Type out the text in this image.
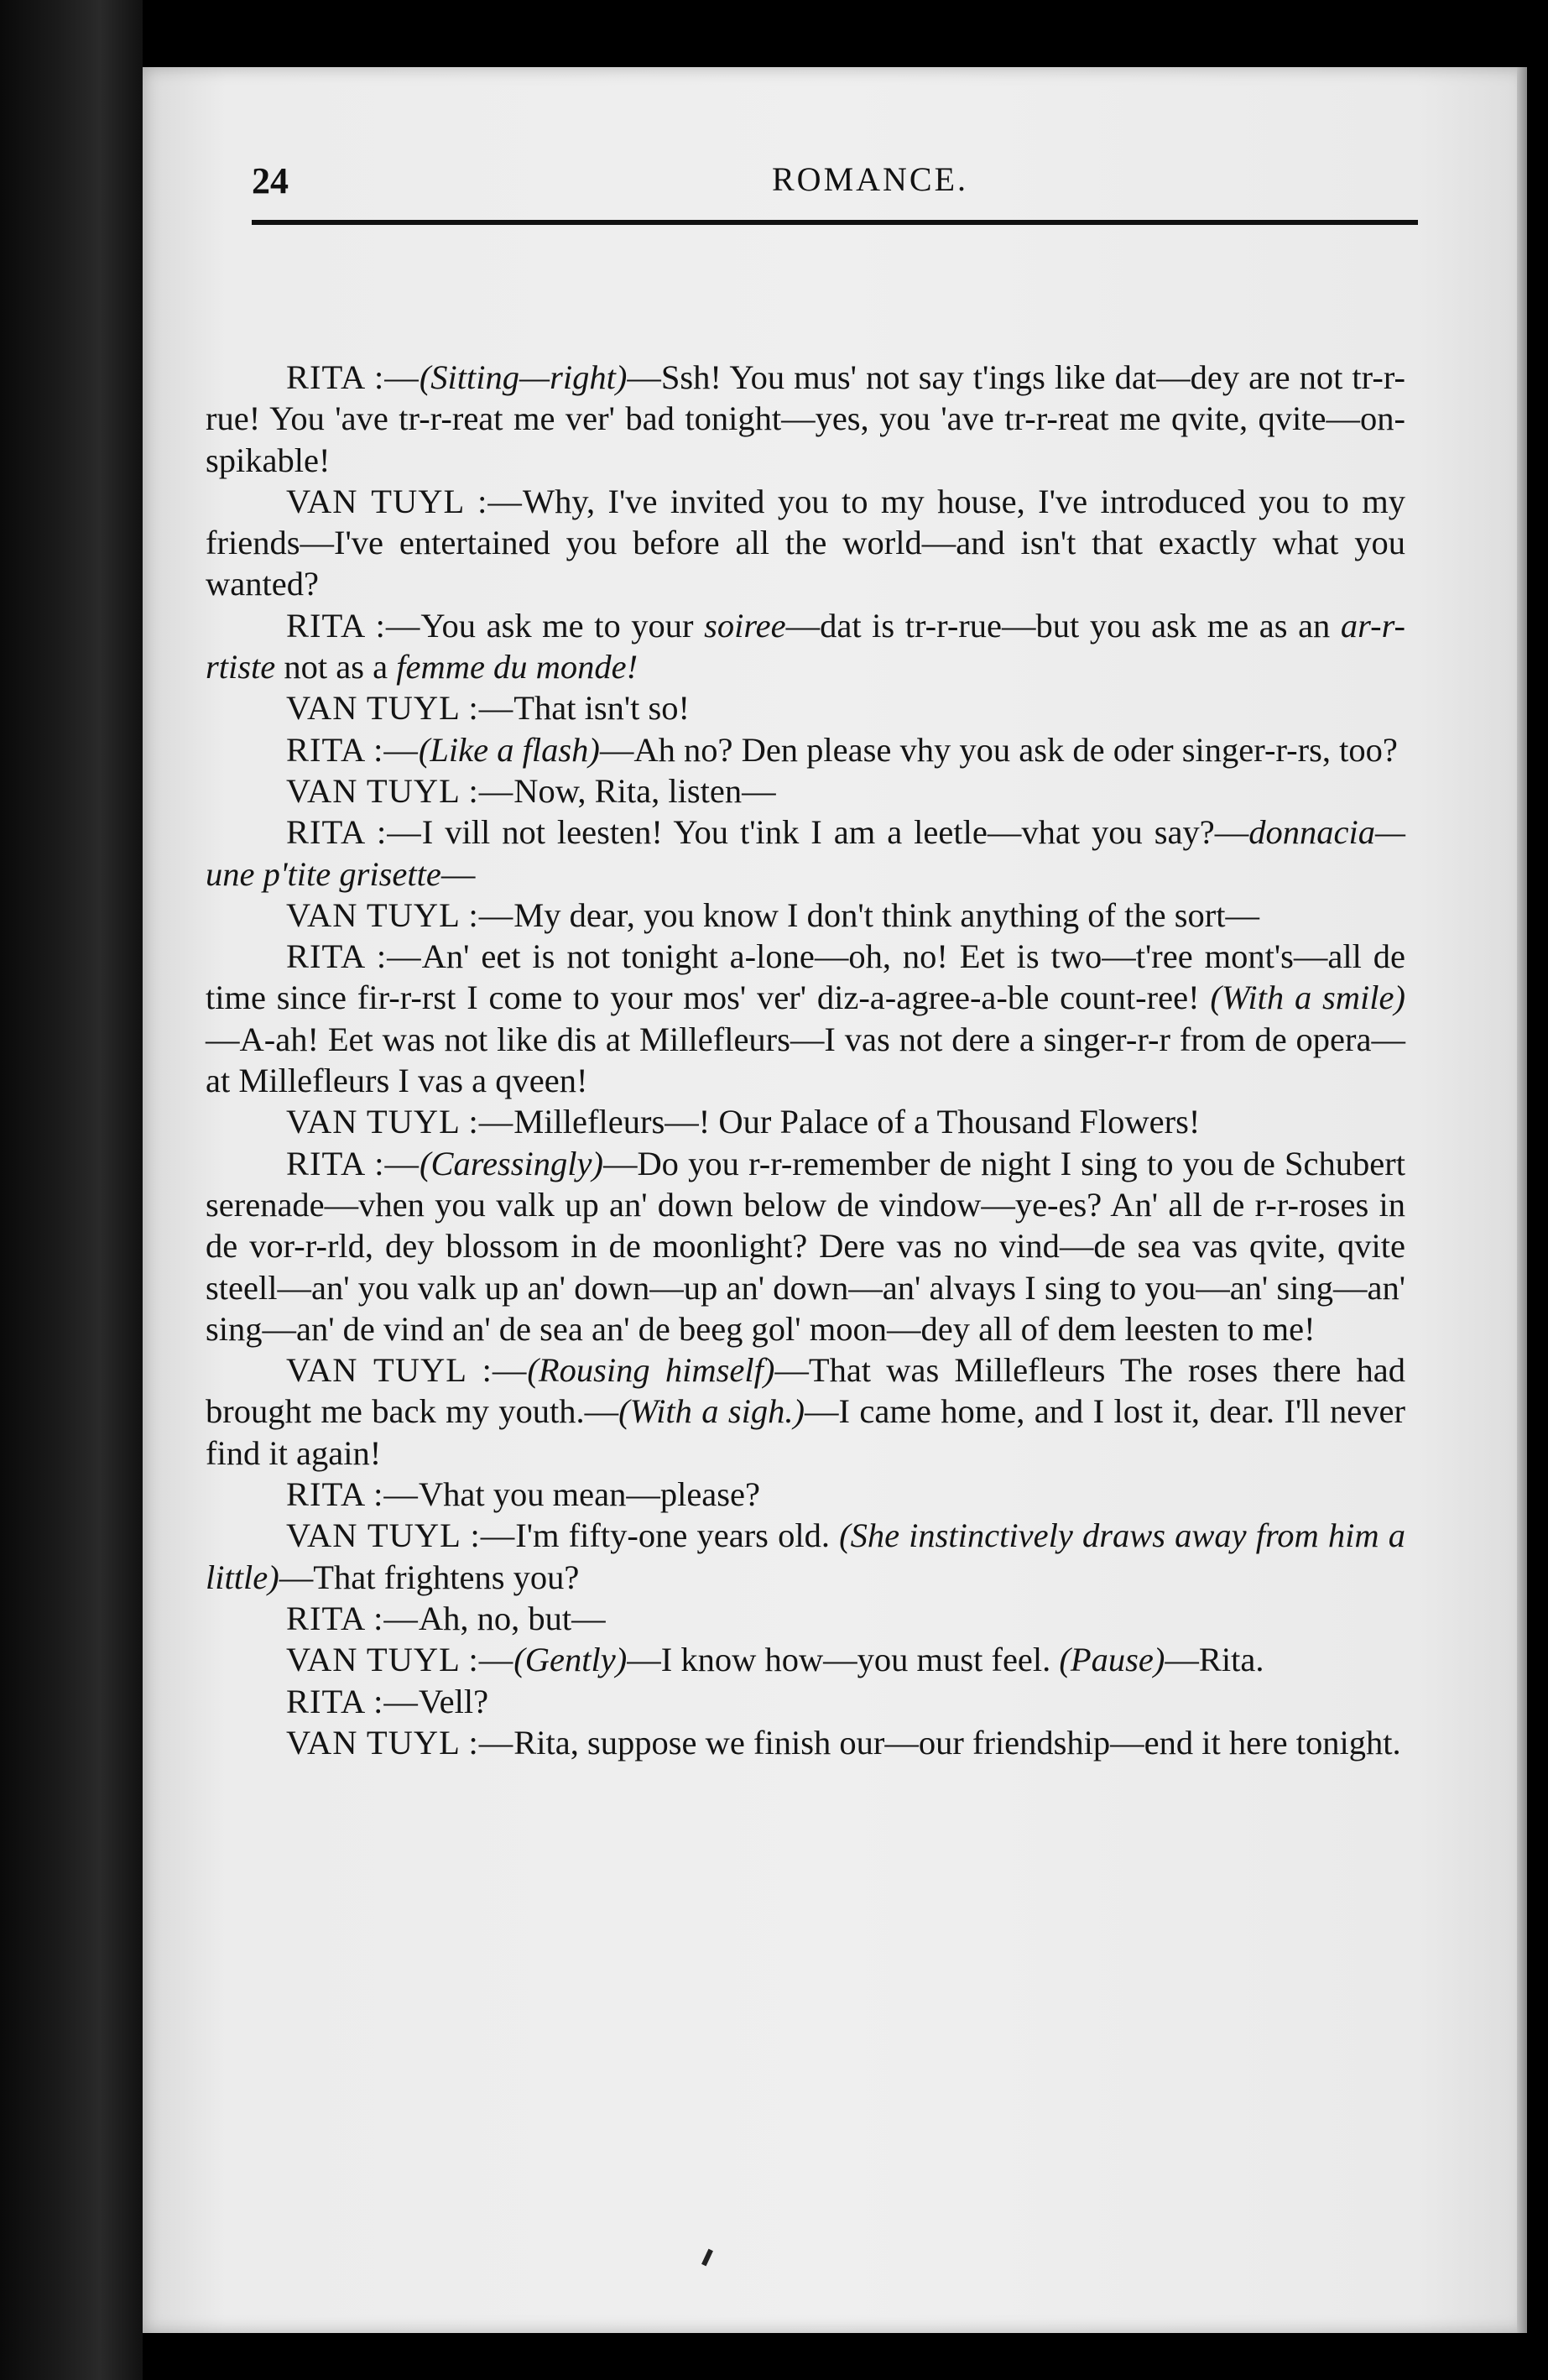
24	ROMANCE.

RITA :—(Sitting—right)—Ssh! You mus' not say t'ings like dat—dey are not tr-r-rue! You 'ave tr-r-reat me ver' bad tonight—yes, you 'ave tr-r-reat me qvite, qvite—on-spikable!

VAN TUYL :—Why, I've invited you to my house, I've introduced you to my friends—I've entertained you before all the world—and isn't that exactly what you wanted?

RITA :—You ask me to your soiree—dat is tr-r-rue—but you ask me as an ar-r-rtiste not as a femme du monde!

VAN TUYL :—That isn't so!

RITA :—(Like a flash)—Ah no? Den please vhy you ask de oder singer-r-rs, too?

VAN TUYL :—Now, Rita, listen—

RITA :—I vill not leesten! You t'ink I am a leetle—vhat you say?—donnacia—une p'tite grisette—

VAN TUYL :—My dear, you know I don't think anything of the sort—

RITA :—An' eet is not tonight a-lone—oh, no! Eet is two—t'ree mont's—all de time since fir-r-rst I come to your mos' ver' diz-a-agree-a-ble count-ree! (With a smile)—A-ah! Eet was not like dis at Millefleurs—I vas not dere a singer-r-r from de opera—at Millefleurs I vas a qveen!

VAN TUYL :—Millefleurs—! Our Palace of a Thousand Flowers!

RITA :—(Caressingly)—Do you r-r-remember de night I sing to you de Schubert serenade—vhen you valk up an' down below de vindow—ye-es? An' all de r-r-roses in de vor-r-rld, dey blossom in de moonlight? Dere vas no vind—de sea vas qvite, qvite steell—an' you valk up an' down—up an' down—an' alvays I sing to you—an' sing—an' sing—an' de vind an' de sea an' de beeg gol' moon—dey all of dem leesten to me!

VAN TUYL :—(Rousing himself)—That was Millefleurs The roses there had brought me back my youth.—(With a sigh.)—I came home, and I lost it, dear. I'll never find it again!

RITA :—Vhat you mean—please?

VAN TUYL :—I'm fifty-one years old. (She instinctively draws away from him a little)—That frightens you?

RITA :—Ah, no, but—

VAN TUYL :—(Gently)—I know how—you must feel. (Pause)—Rita.

RITA :—Vell?

VAN TUYL :—Rita, suppose we finish our—our friendship—end it here tonight.
